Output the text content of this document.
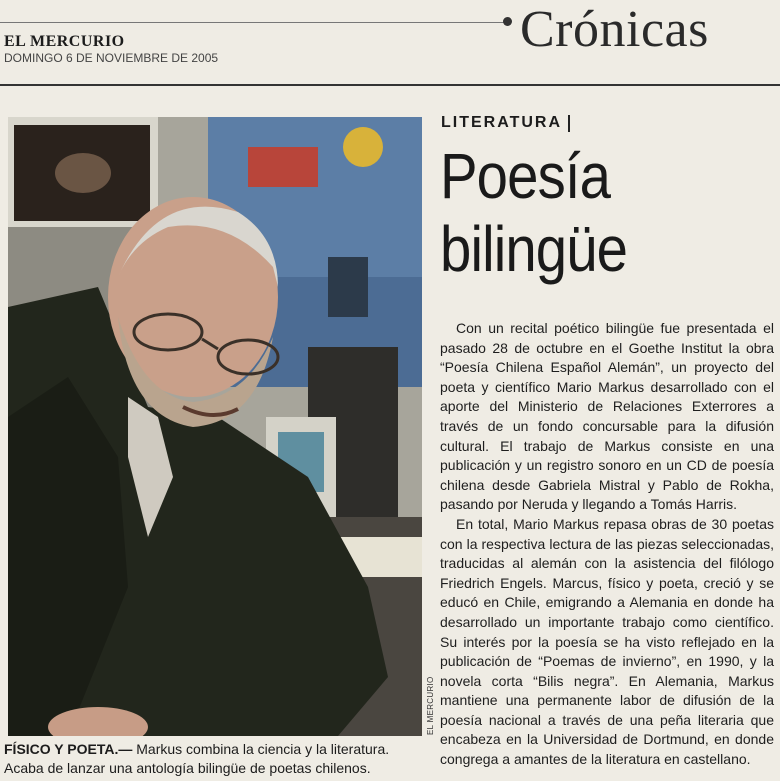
Crónicas
EL MERCURIO
DOMINGO 6 DE NOVIEMBRE DE 2005
EL MERCURIO
FÍSICO Y POETA.— Markus combina la ciencia y la literatura. Acaba de lanzar una antología bilingüe de poetas chilenos.
LITERATURA
Poesía bilingüe

Con un recital poético bilingüe fue presentada el pasado 28 de octubre en el Goethe Institut la obra “Poesía Chilena Español Alemán”, un proyecto del poeta y científico Mario Markus desarrollado con el aporte del Ministerio de Relaciones Exterrores a través de un fondo concursable para la difusión cultural. El trabajo de Markus consiste en una publicación y un registro sonoro en un CD de poesía chilena desde Gabriela Mistral y Pablo de Rokha, pasando por Neruda y llegando a Tomás Harris.

En total, Mario Markus repasa obras de 30 poetas con la respectiva lectura de las piezas seleccionadas, traducidas al alemán con la asistencia del filólogo Friedrich Engels. Marcus, físico y poeta, creció y se educó en Chile, emigrando a Alemania en donde ha desarrollado un importante trabajo como científico. Su interés por la poesía se ha visto reflejado en la publicación de “Poemas de invierno”, en 1990, y la novela corta “Bilis negra”. En Alemania, Markus mantiene una permanente labor de difusión de la poesía nacional a través de una peña literaria que encabeza en la Universidad de Dortmund, en donde congrega a amantes de la literatura en castellano.
